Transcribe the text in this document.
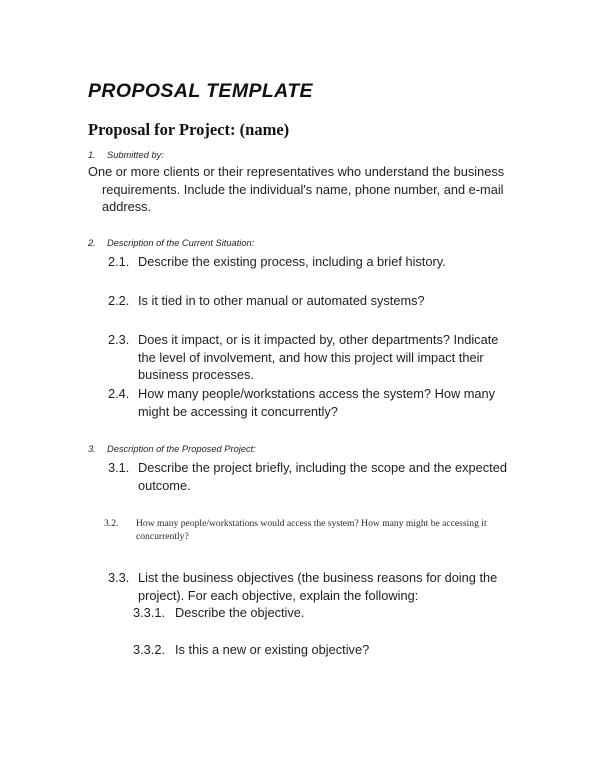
PROPOSAL TEMPLATE
Proposal for Project: (name)
1. Submitted by:
One or more clients or their representatives who understand the business requirements. Include the individual's name, phone number, and e-mail address.
2. Description of the Current Situation:
2.1. Describe the existing process, including a brief history.
2.2. Is it tied in to other manual or automated systems?
2.3. Does it impact, or is it impacted by, other departments? Indicate the level of involvement, and how this project will impact their business processes.
2.4. How many people/workstations access the system? How many might be accessing it concurrently?
3. Description of the Proposed Project:
3.1. Describe the project briefly, including the scope and the expected outcome.
3.2.	How many people/workstations would access the system? How many might be accessing it concurrently?
3.3. List the business objectives (the business reasons for doing the project). For each objective, explain the following:
3.3.1. Describe the objective.
3.3.2. Is this a new or existing objective?
